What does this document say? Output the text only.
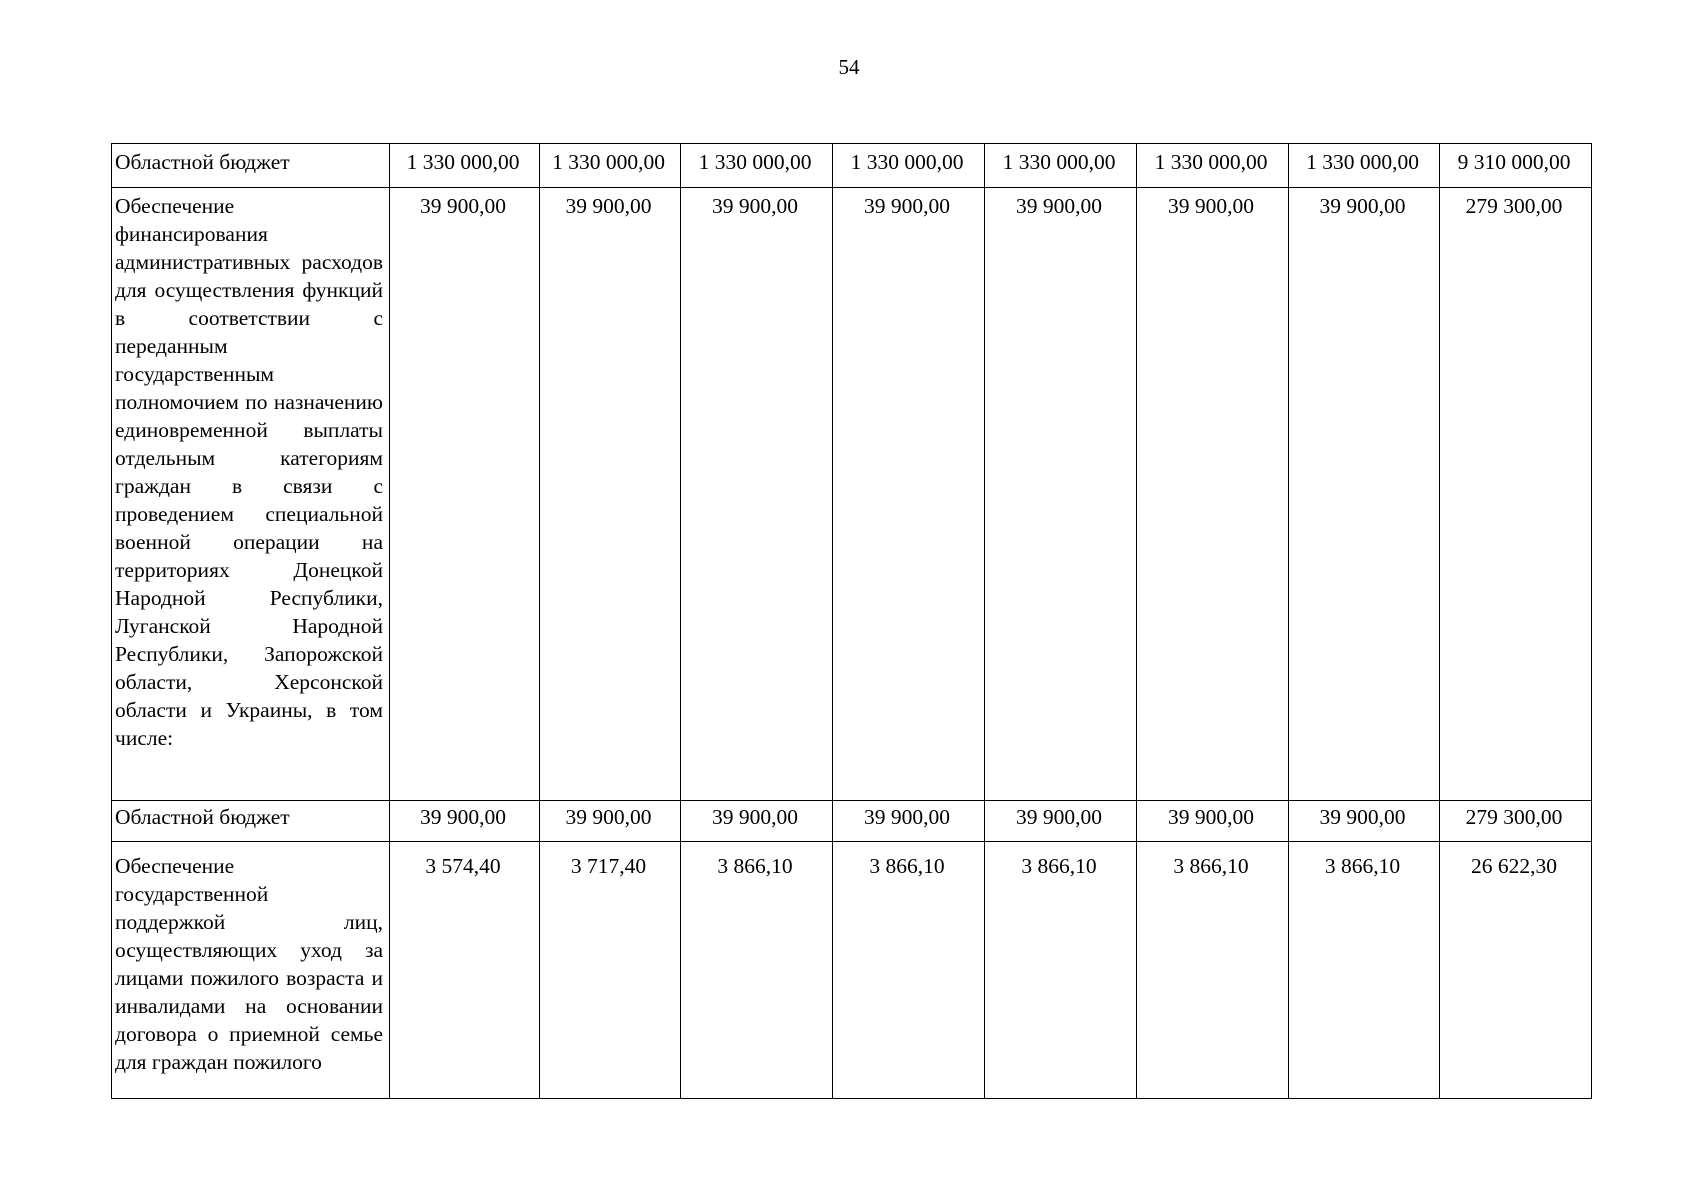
54
Областной бюджет	1 330 000,00	1 330 000,00	1 330 000,00	1 330 000,00	1 330 000,00	1 330 000,00	1 330 000,00	9 310 000,00
Обеспечение финансирования административных расходов для осуществления функций в соответствии с переданным государственным полномочием по назначению единовременной выплаты отдельным категориям граждан в связи с проведением специальной военной операции на территориях Донецкой Народной Республики, Луганской Народной Республики, Запорожской области, Херсонской области и Украины, в том числе:	39 900,00	39 900,00	39 900,00	39 900,00	39 900,00	39 900,00	39 900,00	279 300,00
Областной бюджет	39 900,00	39 900,00	39 900,00	39 900,00	39 900,00	39 900,00	39 900,00	279 300,00
Обеспечение государственной поддержкой лиц, осуществляющих уход за лицами пожилого возраста и инвалидами на основании договора о приемной семье для граждан пожилого	3 574,40	3 717,40	3 866,10	3 866,10	3 866,10	3 866,10	3 866,10	26 622,30
